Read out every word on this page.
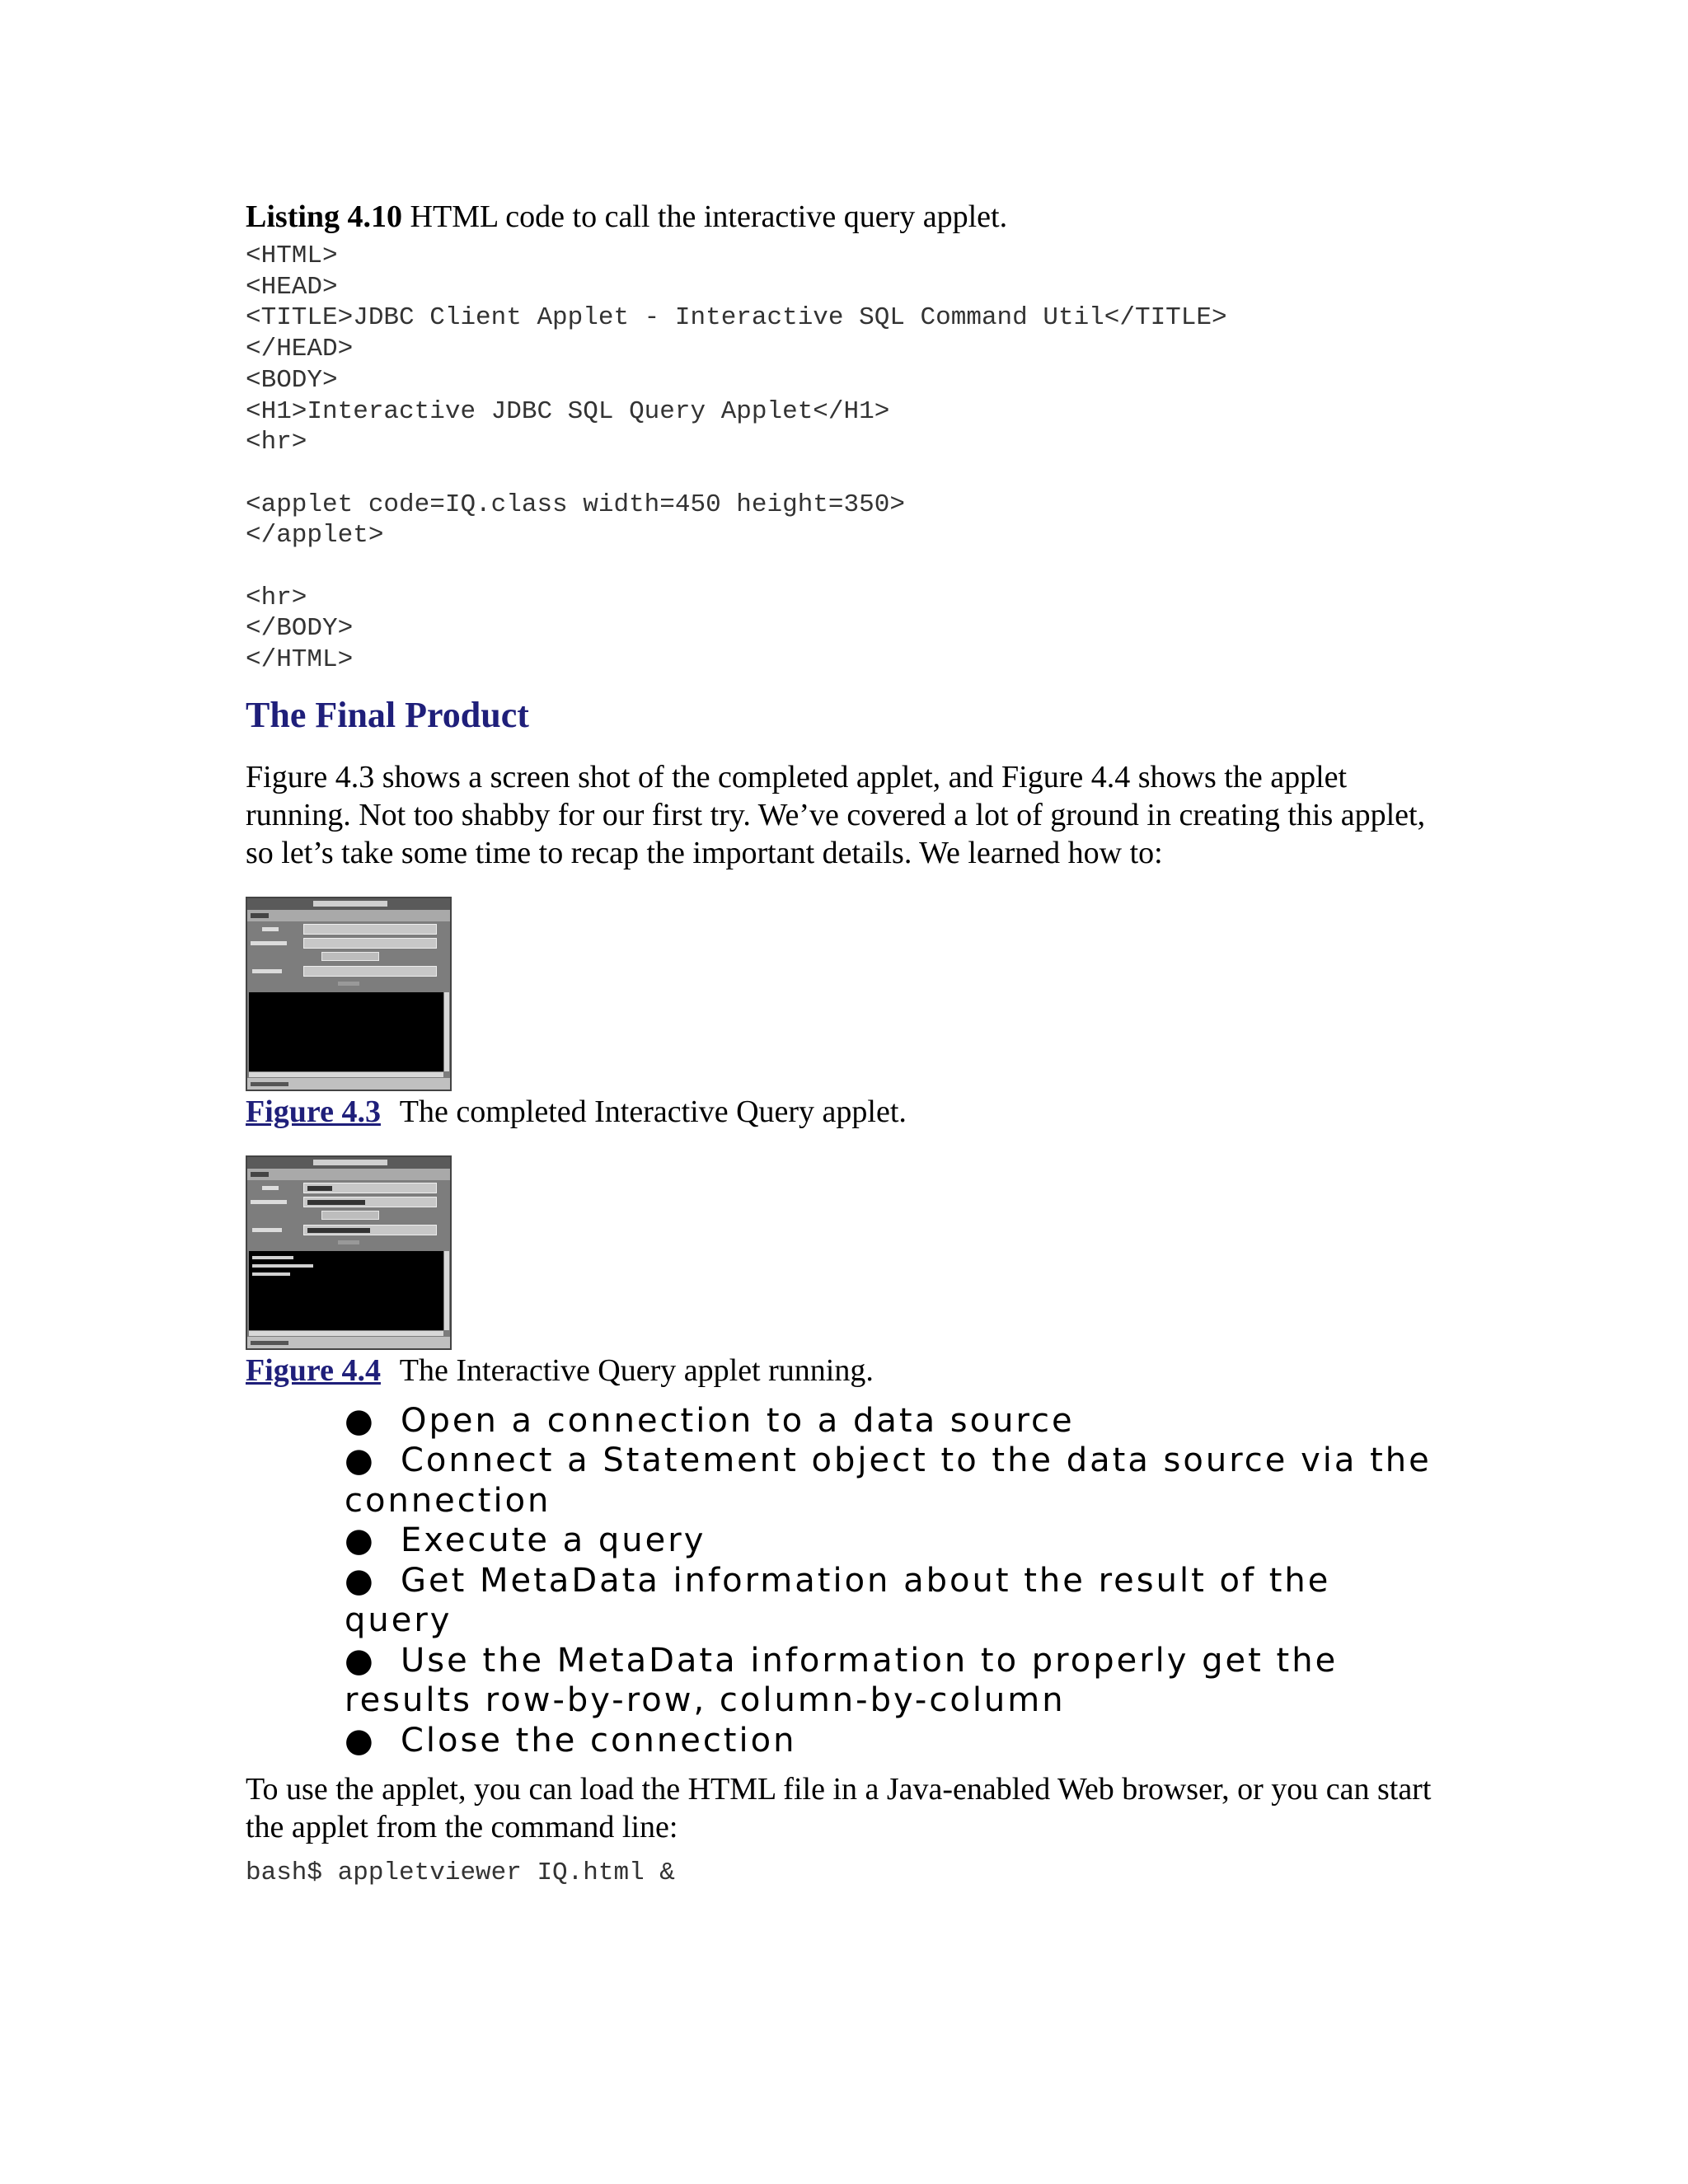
Listing 4.10 HTML code to call the interactive query applet.
<HTML>
<HEAD>
<TITLE>JDBC Client Applet - Interactive SQL Command Util</TITLE>
</HEAD>
<BODY>
<H1>Interactive JDBC SQL Query Applet</H1>
<hr>

<applet code=IQ.class width=450 height=350>
</applet>

<hr>
</BODY>
</HTML>
The Final Product

Figure 4.3 shows a screen shot of the completed applet, and Figure 4.4 shows the applet running. Not too shabby for our first try. We’ve covered a lot of ground in creating this applet, so let’s take some time to recap the important details. We learned how to:

Figure 4.3 The completed Interactive Query applet.
Figure 4.4 The Interactive Query applet running.
● Open a connection to a data source
● Connect a Statement object to the data source via the connection
● Execute a query
● Get MetaData information about the result of the query
● Use the MetaData information to properly get the results row-by-row, column-by-column
● Close the connection

To use the applet, you can load the HTML file in a Java-enabled Web browser, or you can start the applet from the command line:

bash$ appletviewer IQ.html &
